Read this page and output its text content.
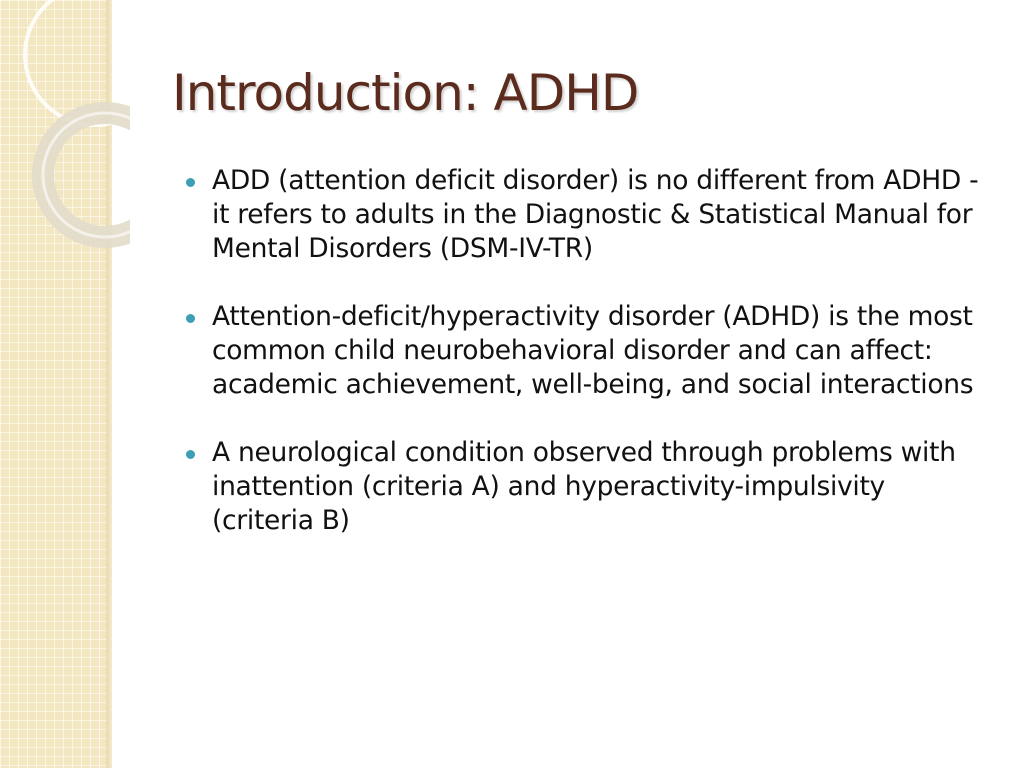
Introduction: ADHD
ADD (attention deficit disorder) is no different from ADHD -it refers to adults in the Diagnostic & Statistical Manual for Mental Disorders (DSM-IV-TR)
Attention-deficit/hyperactivity disorder (ADHD) is the most common child neurobehavioral disorder and can affect: academic achievement, well-being, and social interactions
A neurological condition observed through problems with inattention (criteria A) and hyperactivity-impulsivity (criteria B)
